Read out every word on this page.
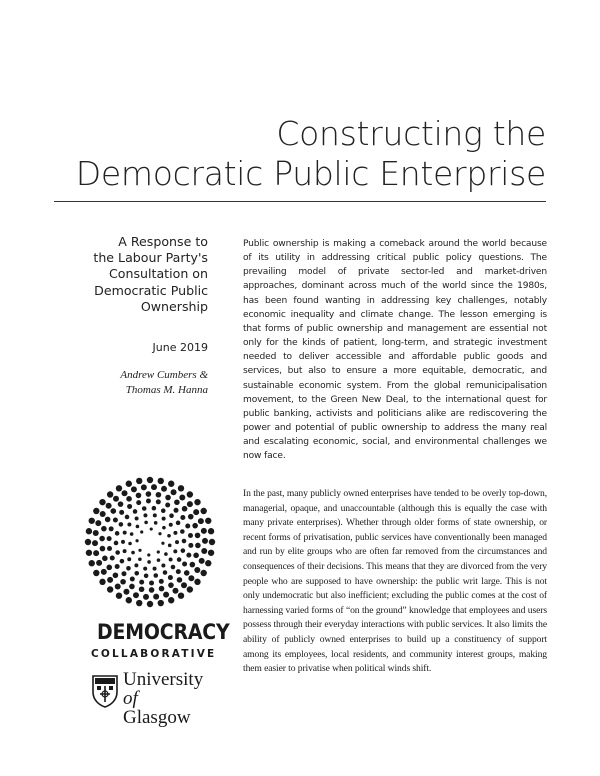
Constructing the
Democratic Public Enterprise
A Response to
the Labour Party's
Consultation on
Democratic Public
Ownership
June 2019
Andrew Cumbers &
Thomas M. Hanna
Public ownership is making a comeback around the world because of its utility in addressing critical public policy questions. The prevailing model of private sector-led and market-driven approaches, dominant across much of the world since the 1980s, has been found wanting in addressing key challenges, notably economic inequality and climate change. The lesson emerging is that forms of public ownership and management are essential not only for the kinds of patient, long-term, and strategic investment needed to deliver accessible and affordable public goods and services, but also to ensure a more equitable, democratic, and sustainable economic system. From the global remunicipalisation movement, to the Green New Deal, to the international quest for public banking, activists and politicians alike are rediscovering the power and potential of public ownership to address the many real and escalating economic, social, and environmental challenges we now face.
In the past, many publicly owned enterprises have tended to be overly top-down, managerial, opaque, and unaccountable (although this is equally the case with many private enterprises). Whether through older forms of state ownership, or recent forms of privatisation, public services have conventionally been managed and run by elite groups who are often far removed from the circumstances and consequences of their decisions. This means that they are divorced from the very people who are supposed to have ownership: the public writ large. This is not only undemocratic but also inefficient; excluding the public comes at the cost of harnessing varied forms of “on the ground” knowledge that employees and users possess through their everyday interactions with public services. It also limits the ability of publicly owned enterprises to build up a constituency of support among its employees, local residents, and community interest groups, making them easier to privatise when political winds shift.
DEMOCRACY
COLLABORATIVE
University
of
Glasgow
